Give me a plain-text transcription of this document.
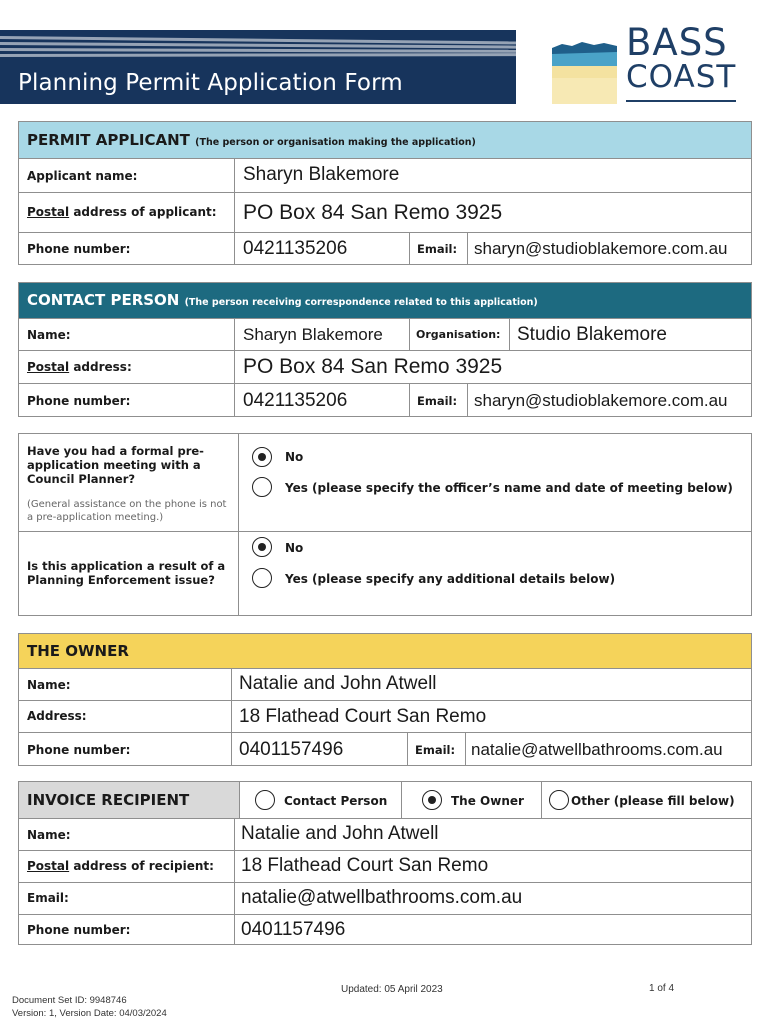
Planning Permit Application Form
BASS
COAST
PERMIT APPLICANT (The person or organisation making the application)
Applicant name:	Sharyn Blakemore
Postal address of applicant: PO Box 84 San Remo 3925
Phone number:	0421135206	Email: sharyn@studioblakemore.com.au
CONTACT PERSON (The person receiving correspondence related to this application)
Name:	Sharyn Blakemore	Organisation: Studio Blakemore
Postal address:	PO Box 84 San Remo 3925
Phone number:	0421135206	Email: sharyn@studioblakemore.com.au
Have you had a formal pre-application meeting with a Council Planner?
(General assistance on the phone is not a pre-application meeting.)
No
Yes (please specify the officer’s name and date of meeting below)
Is this application a result of a Planning Enforcement issue?
No
Yes (please specify any additional details below)
THE OWNER
Name:	Natalie and John Atwell
Address:	18 Flathead Court San Remo
Phone number:	0401157496	Email: natalie@atwellbathrooms.com.au
INVOICE RECIPIENT	Contact Person	The Owner	Other (please fill below)
Name:	Natalie and John Atwell
Postal address of recipient: 18 Flathead Court San Remo
Email:	natalie@atwellbathrooms.com.au
Phone number:	0401157496
Updated: 05 April 2023	1 of 4
Document Set ID: 9948746
Version: 1, Version Date: 04/03/2024
